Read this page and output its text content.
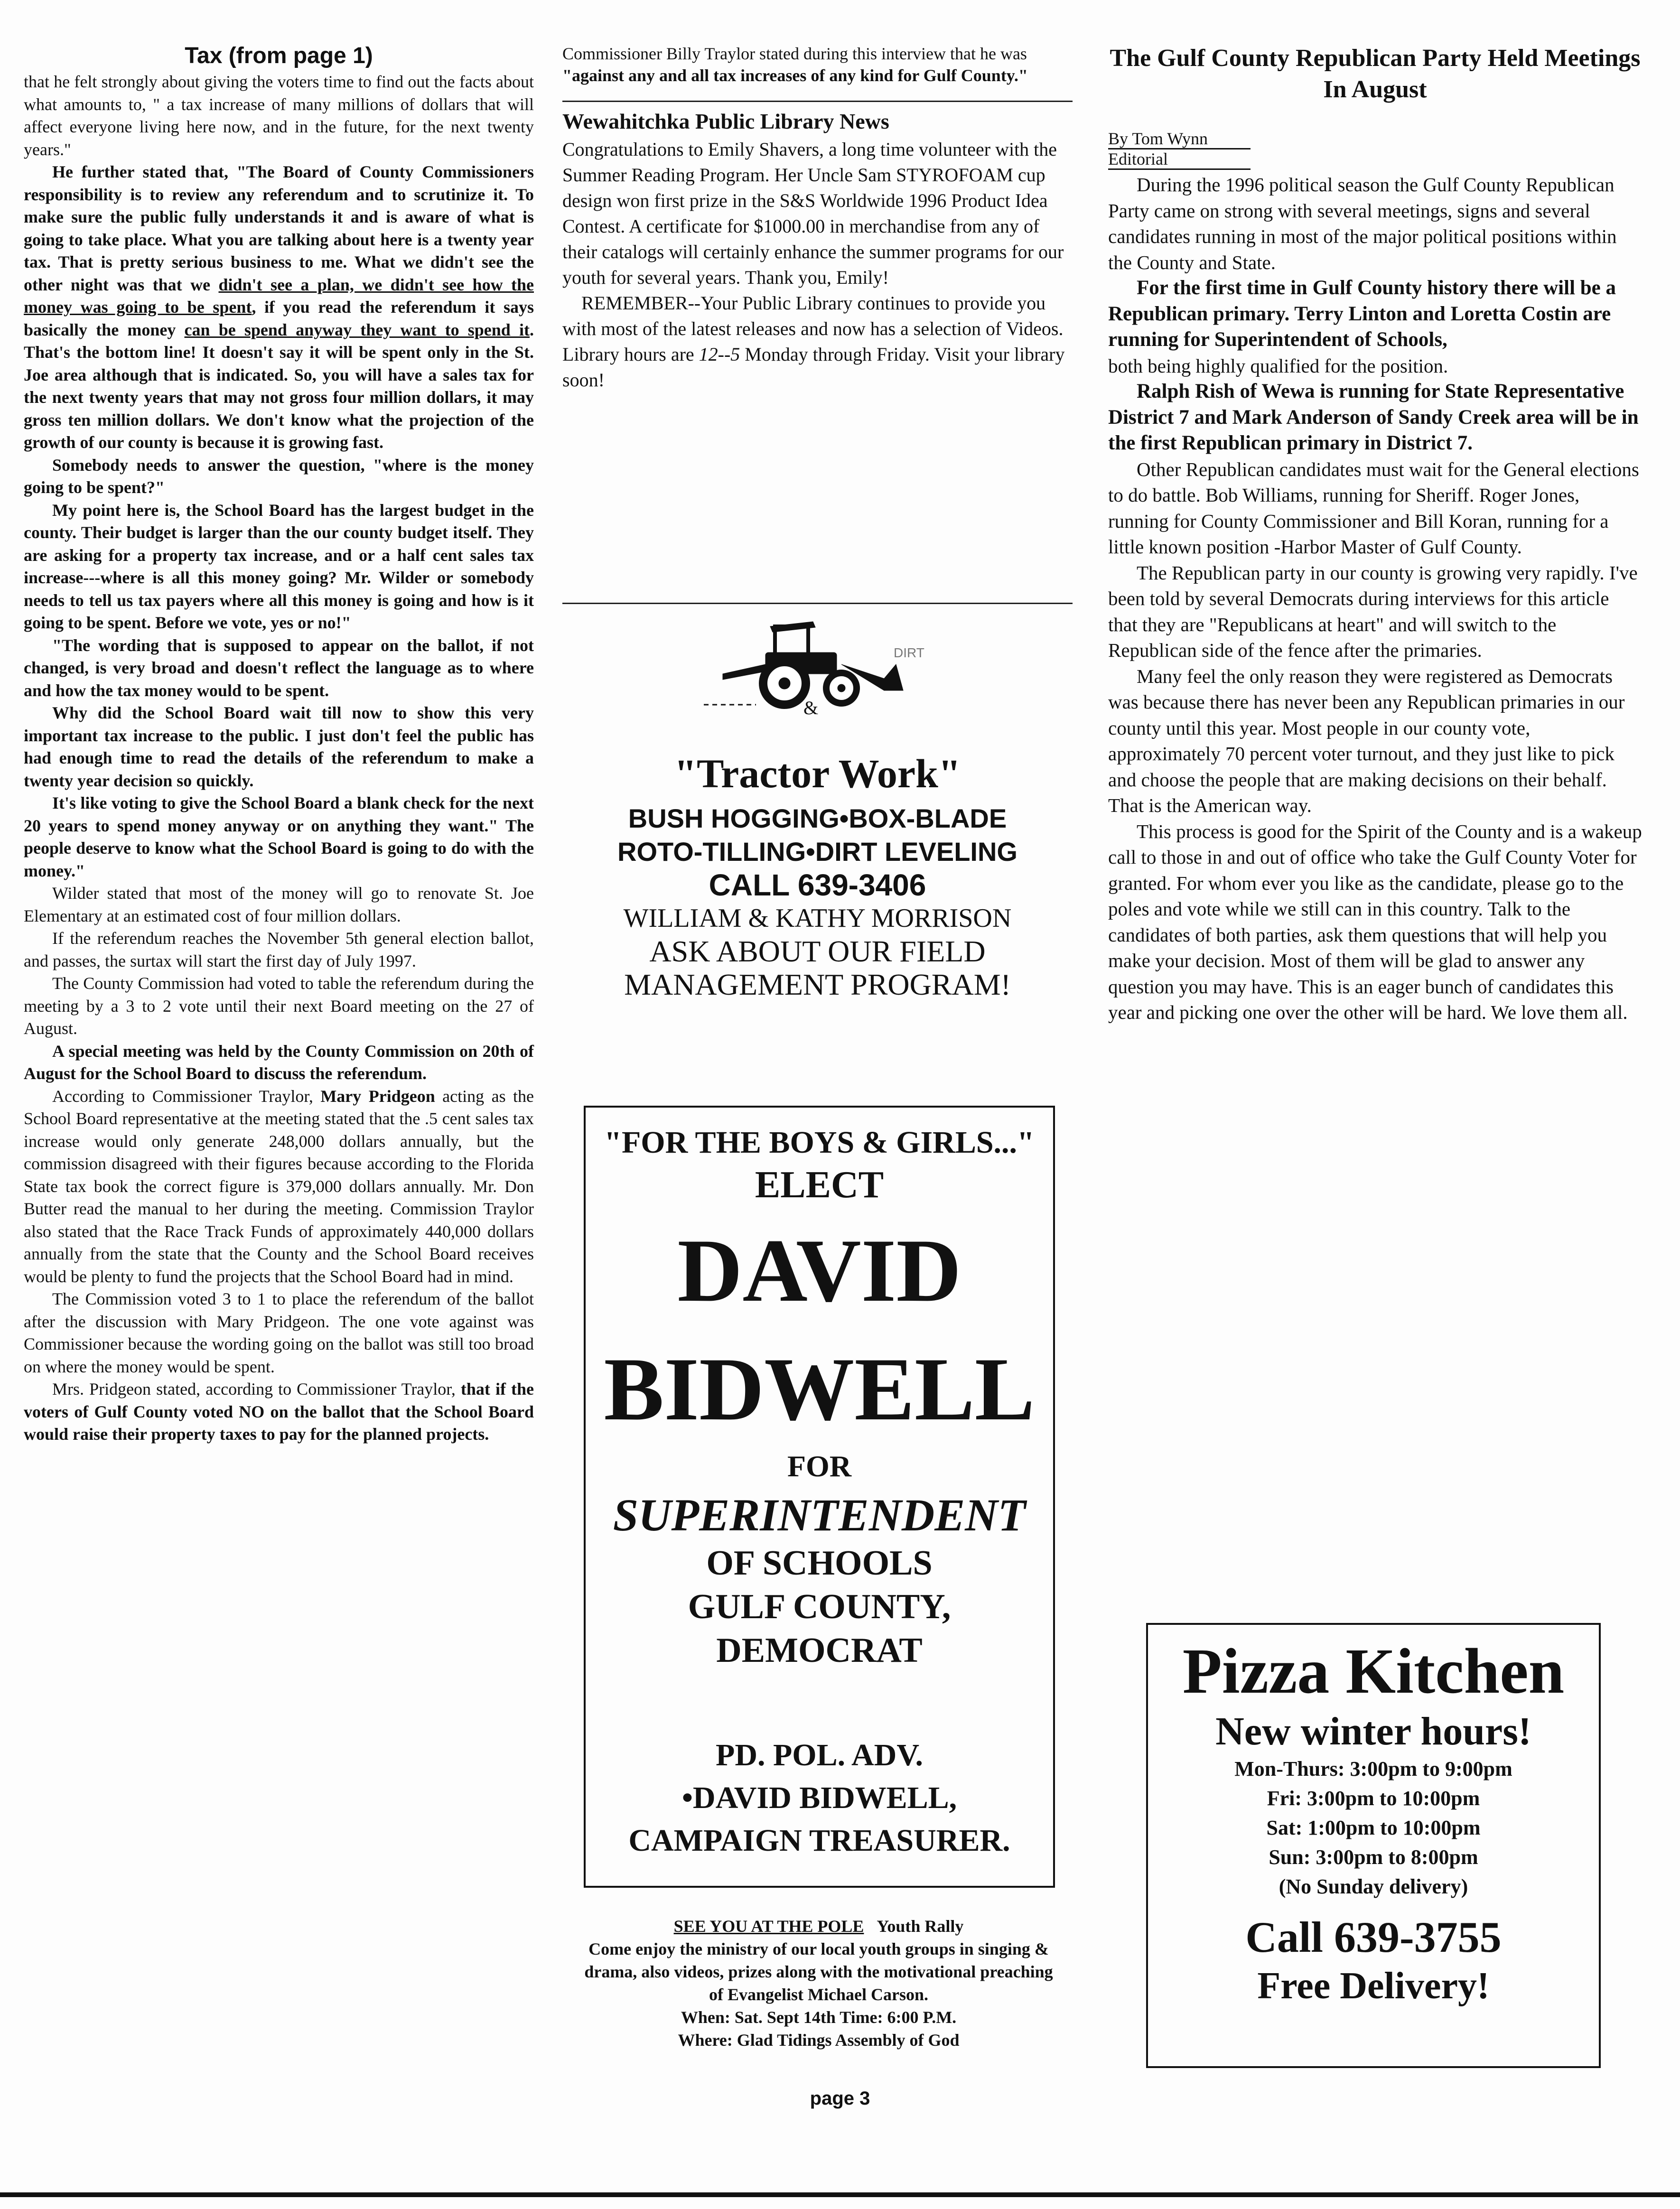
Tax (from page 1)

that he felt strongly about giving the voters time to find out the facts about what amounts to, " a tax increase of many millions of dollars that will affect everyone living here now, and in the future, for the next twenty years."

He further stated that, "The Board of County Commissioners responsibility is to review any referendum and to scrutinize it. To make sure the public fully understands it and is aware of what is going to take place. What you are talking about here is a twenty year tax. That is pretty serious business to me. What we didn't see the other night was that we didn't see a plan, we didn't see how the money was going to be spent, if you read the referendum it says basically the money can be spend anyway they want to spend it. That's the bottom line! It doesn't say it will be spent only in the St. Joe area although that is indicated. So, you will have a sales tax for the next twenty years that may not gross four million dollars, it may gross ten million dollars. We don't know what the projection of the growth of our county is because it is growing fast.

Somebody needs to answer the question, "where is the money going to be spent?"

My point here is, the School Board has the largest budget in the county. Their budget is larger than the our county budget itself. They are asking for a property tax increase, and or a half cent sales tax increase---where is all this money going? Mr. Wilder or somebody needs to tell us tax payers where all this money is going and how is it going to be spent. Before we vote, yes or no!"

"The wording that is supposed to appear on the ballot, if not changed, is very broad and doesn't reflect the language as to where and how the tax money would to be spent.

Why did the School Board wait till now to show this very important tax increase to the public. I just don't feel the public has had enough time to read the details of the referendum to make a twenty year decision so quickly.

It's like voting to give the School Board a blank check for the next 20 years to spend money anyway or on anything they want." The people deserve to know what the School Board is going to do with the money."

Wilder stated that most of the money will go to renovate St. Joe Elementary at an estimated cost of four million dollars.

If the referendum reaches the November 5th general election ballot, and passes, the surtax will start the first day of July 1997.

The County Commission had voted to table the referendum during the meeting by a 3 to 2 vote until their next Board meeting on the 27 of August.

A special meeting was held by the County Commission on 20th of August for the School Board to discuss the referendum.

According to Commissioner Traylor, Mary Pridgeon acting as the School Board representative at the meeting stated that the .5 cent sales tax increase would only generate 248,000 dollars annually, but the commission disagreed with their figures because according to the Florida State tax book the correct figure is 379,000 dollars annually. Mr. Don Butter read the manual to her during the meeting. Commission Traylor also stated that the Race Track Funds of approximately 440,000 dollars annually from the state that the County and the School Board receives would be plenty to fund the projects that the School Board had in mind.

The Commission voted 3 to 1 to place the referendum of the ballot after the discussion with Mary Pridgeon. The one vote against was Commissioner because the wording going on the ballot was still too broad on where the money would be spent.

Mrs. Pridgeon stated, according to Commissioner Traylor, that if the voters of Gulf County voted NO on the ballot that the School Board would raise their property taxes to pay for the planned projects.

Commissioner Billy Traylor stated during this interview that he was "against any and all tax increases of any kind for Gulf County."

Wewahitchka Public Library News

Congratulations to Emily Shavers, a long time volunteer with the Summer Reading Program. Her Uncle Sam STYROFOAM cup design won first prize in the S&S Worldwide 1996 Product Idea Contest. A certificate for $1000.00 in merchandise from any of their catalogs will certainly enhance the summer programs for our youth for several years. Thank you, Emily!

REMEMBER--Your Public Library continues to provide you with most of the latest releases and now has a selection of Videos. Library hours are 12--5 Monday through Friday. Visit your library soon!

DIRT
&
"Tractor Work"
BUSH HOGGING•BOX-BLADE
ROTO-TILLING•DIRT LEVELING
CALL 639-3406
WILLIAM & KATHY MORRISON
ASK ABOUT OUR FIELD
MANAGEMENT PROGRAM!
"FOR THE BOYS & GIRLS..."
ELECT
DAVID
BIDWELL
FOR
SUPERINTENDENT
OF SCHOOLS
GULF COUNTY,
DEMOCRAT
PD. POL. ADV.
•DAVID BIDWELL,
CAMPAIGN TREASURER.
SEE YOU AT THE POLE Youth Rally
Come enjoy the ministry of our local youth groups in singing & drama, also videos, prizes along with the motivational preaching of Evangelist Michael Carson.
When: Sat. Sept 14th Time: 6:00 P.M.
Where: Glad Tidings Assembly of God
page 3
The Gulf County Republican Party Held Meetings In August
By Tom Wynn
Editorial

During the 1996 political season the Gulf County Republican Party came on strong with several meetings, signs and several candidates running in most of the major political positions within the County and State.

For the first time in Gulf County history there will be a Republican primary. Terry Linton and Loretta Costin are running for Superintendent of Schools,

both being highly qualified for the position.

Ralph Rish of Wewa is running for State Representative District 7 and Mark Anderson of Sandy Creek area will be in the first Republican primary in District 7.

Other Republican candidates must wait for the General elections to do battle. Bob Williams, running for Sheriff. Roger Jones, running for County Commissioner and Bill Koran, running for a little known position -Harbor Master of Gulf County.

The Republican party in our county is growing very rapidly. I've been told by several Democrats during interviews for this article that they are "Republicans at heart" and will switch to the Republican side of the fence after the primaries.

Many feel the only reason they were registered as Democrats was because there has never been any Republican primaries in our county until this year. Most people in our county vote, approximately 70 percent voter turnout, and they just like to pick and choose the people that are making decisions on their behalf. That is the American way.

This process is good for the Spirit of the County and is a wakeup call to those in and out of office who take the Gulf County Voter for granted. For whom ever you like as the candidate, please go to the poles and vote while we still can in this country. Talk to the candidates of both parties, ask them questions that will help you make your decision. Most of them will be glad to answer any question you may have. This is an eager bunch of candidates this year and picking one over the other will be hard. We love them all.

Pizza Kitchen
New winter hours!
Mon-Thurs: 3:00pm to 9:00pm
Fri: 3:00pm to 10:00pm
Sat: 1:00pm to 10:00pm
Sun: 3:00pm to 8:00pm
(No Sunday delivery)
Call 639-3755
Free Delivery!
